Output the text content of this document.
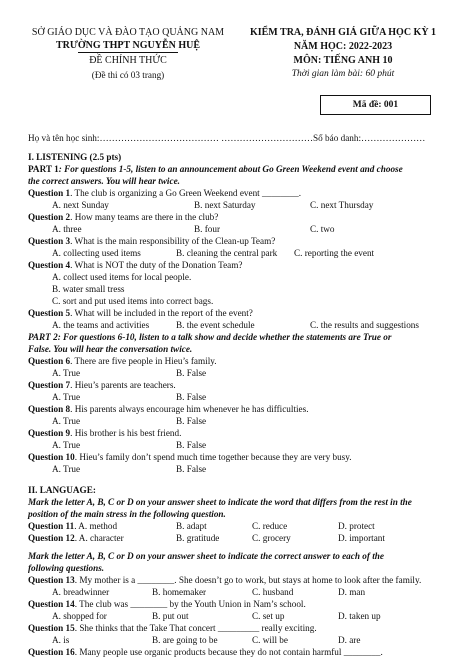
SỞ GIÁO DỤC VÀ ĐÀO TẠO QUẢNG NAM
TRƯỜNG THPT NGUYỄN HUỆ
ĐỀ CHÍNH THỨC
(Đề thi có 03 trang)
KIỂM TRA, ĐÁNH GIÁ GIỮA HỌC KỲ 1
NĂM HỌC: 2022-2023
MÔN: TIẾNG ANH 10
Thời gian làm bài: 60 phút
Mã đề: 001
Họ và tên học sinh:………………………………… …………………………Số báo danh:…………………
I. LISTENING (2.5 pts)
PART 1: For questions 1-5, listen to an announcement about Go Green Weekend event and choose
the correct answers. You will hear twice.
Question 1. The club is organizing a Go Green Weekend event ________.
A. next Sunday	B. next Saturday	C. next Thursday
Question 2. How many teams are there in the club?
A. three	B. four	C. two
Question 3. What is the main responsibility of the Clean-up Team?
A. collecting used items	B. cleaning the central park C. reporting the event
Question 4. What is NOT the duty of the Donation Team?
A. collect used items for local people.
B. water small tress
C. sort and put used items into correct bags.
Question 5. What will be included in the report of the event?
A. the teams and activities	B. the event schedule	C. the results and suggestions
PART 2: For questions 6-10, listen to a talk show and decide whether the statements are True or
False. You will hear the conversation twice.
Question 6. There are five people in Hieu’s family.
A. True	B. False
Question 7. Hieu’s parents are teachers.
A. True	B. False
Question 8. His parents always encourage him whenever he has difficulties.
A. True	B. False
Question 9. His brother is his best friend.
A. True	B. False
Question 10. Hieu’s family don’t spend much time together because they are very busy.
A. True	B. False
II. LANGUAGE:
Mark the letter A, B, C or D on your answer sheet to indicate the word that differs from the rest in the
position of the main stress in the following question.
Question 11. A. method	B. adapt	C. reduce	D. protect
Question 12. A. character	B. gratitude	C. grocery	D. important
Mark the letter A, B, C or D on your answer sheet to indicate the correct answer to each of the
following questions.
Question 13. My mother is a ________. She doesn’t go to work, but stays at home to look after the family.
A. breadwinner	B. homemaker	C. husband	D. man
Question 14. The club was ________ by the Youth Union in Nam’s school.
A. shopped for	B. put out	C. set up	D. taken up
Question 15. She thinks that the Take That concert _________ really exciting.
A. is	B. are going to be	C. will be	D. are
Question 16. Many people use organic products because they do not contain harmful ________.
